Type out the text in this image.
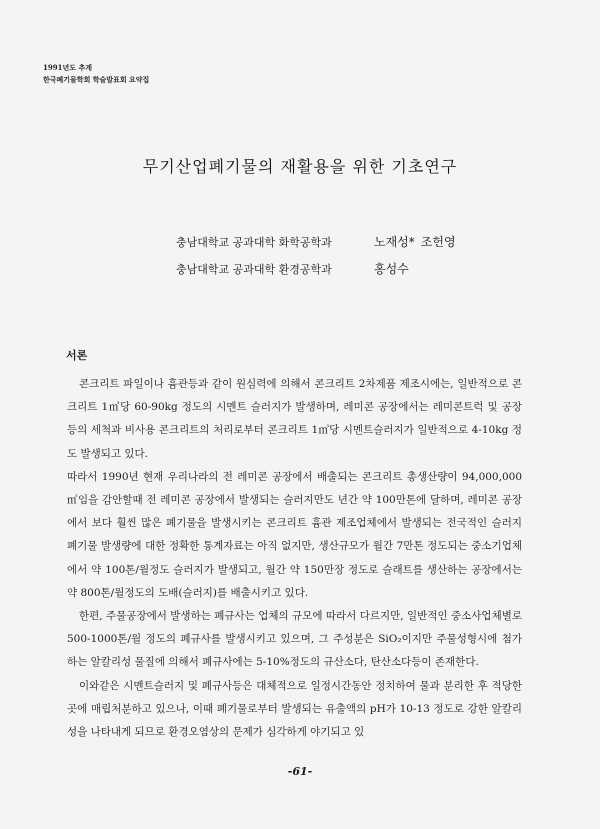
1991년도 추계
한국폐기물학회 학술발표회 요약집
무기산업폐기물의 재활용을 위한 기초연구
충남대학교 공과대학 화학공학과	노재성* 조헌영
충남대학교 공과대학 환경공학과	홍성수
서론

콘크리트 파일이나 흄관등과 같이 원심력에 의해서 콘크리트 2차제품 제조시에는, 일반적으로 콘크리트 1㎥당 60-90kg 정도의 시멘트 슬러지가 발생하며, 레미콘 공장에서는 레미콘트럭 및 공장등의 세척과 비사용 콘크리트의 처리로부터 콘크리트 1㎥당 시멘트슬러지가 일반적으로 4-10kg 정도 발생되고 있다.

따라서 1990년 현재 우리나라의 전 레미콘 공장에서 배출되는 콘크리트 총생산량이 94,000,000㎥임을 감안할때 전 레미콘 공장에서 발생되는 슬러지만도 년간 약 100만톤에 달하며, 레미콘 공장에서 보다 훨씬 많은 폐기물을 발생시키는 콘크리트 흄관 제조업체에서 발생되는 전국적인 슬러지 폐기물 발생량에 대한 정확한 통계자료는 아직 없지만, 생산규모가 월간 7만톤 정도되는 중소기업체에서 약 100톤/월정도 슬러지가 발생되고, 월간 약 150만장 정도로 슬래트를 생산하는 공장에서는 약 800톤/월정도의 도배(슬러지)를 배출시키고 있다.

한편, 주물공장에서 발생하는 폐규사는 업체의 규모에 따라서 다르지만, 일반적인 중소사업체별로 500-1000톤/월 정도의 폐규사를 발생시키고 있으며, 그 주성분은 SiO₂이지만 주물성형시에 첨가하는 알칼리성 물질에 의해서 폐규사에는 5-10%정도의 규산소다, 탄산소다등이 존재한다.

이와같은 시멘트슬러지 및 폐규사등은 대체적으로 일정시간동안 정치하여 물과 분리한 후 적당한 곳에 매립처분하고 있으나, 이때 폐기물로부터 발생되는 유출액의 pH가 10-13 정도로 강한 알칼리성을 나타내게 되므로 환경오염상의 문제가 심각하게 야기되고 있

-61-
